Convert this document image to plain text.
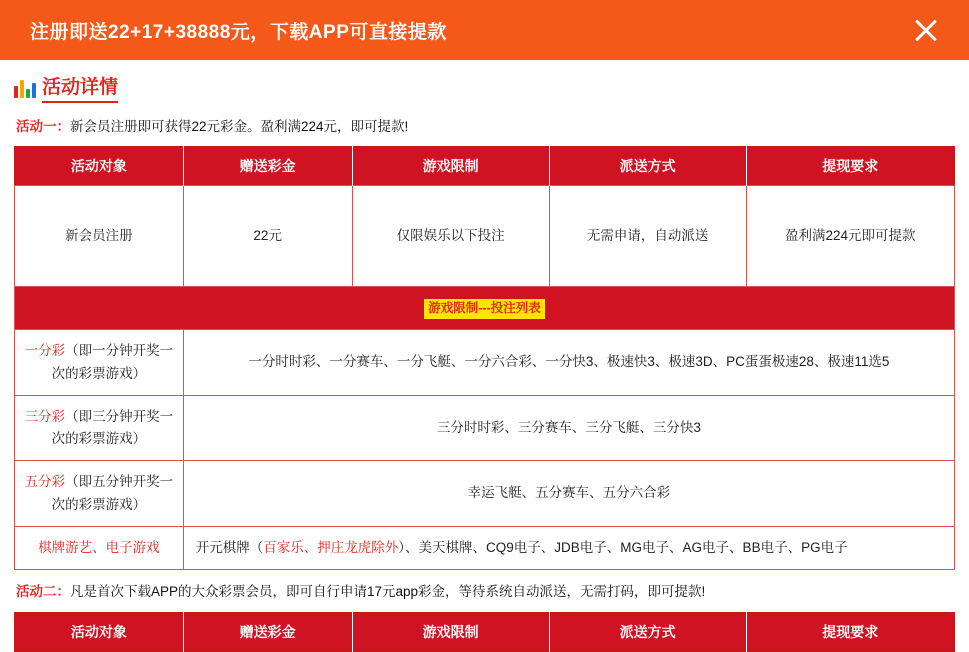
注册即送22+17+38888元，下载APP可直接提款
活动详情

活动一：新会员注册即可获得22元彩金。盈利满224元，即可提款!

活动对象	赠送彩金	游戏限制	派送方式	提现要求
新会员注册	22元	仅限娱乐以下投注	无需申请，自动派送	盈利满224元即可提款
游戏限制---投注列表				
一分彩（即一分钟开奖一次的彩票游戏）	一分时时彩、一分赛车、一分飞艇、一分六合彩、一分快3、极速快3、极速3D、PC蛋蛋极速28、极速11选5			
三分彩（即三分钟开奖一次的彩票游戏）	三分时时彩、三分赛车、三分飞艇、三分快3			
五分彩（即五分钟开奖一次的彩票游戏）	幸运飞艇、五分赛车、五分六合彩			
棋牌游艺、电子游戏	开元棋牌（百家乐、押庄龙虎除外）、美天棋牌、CQ9电子、JDB电子、MG电子、AG电子、BB电子、PG电子			

活动二：凡是首次下载APP的大众彩票会员，即可自行申请17元app彩金，等待系统自动派送，无需打码，即可提款!

活动对象	赠送彩金	游戏限制	派送方式	提现要求
